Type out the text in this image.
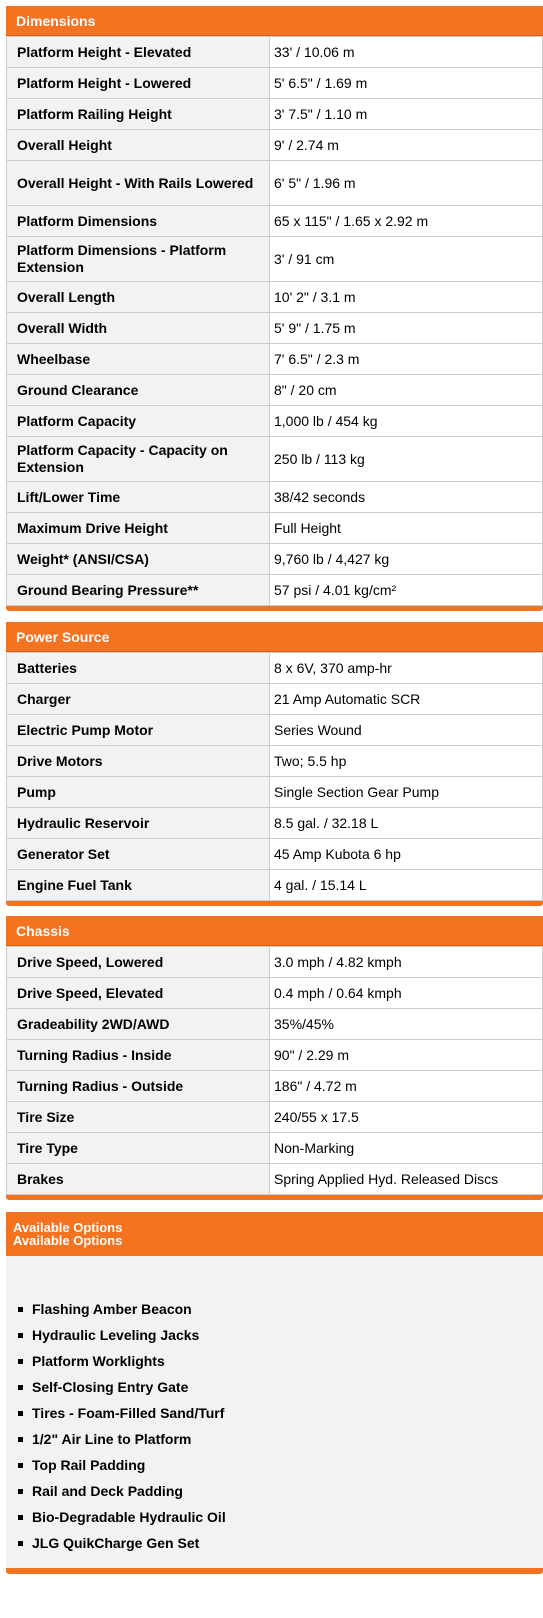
Dimensions
Platform Height - Elevated	33' / 10.06 m
Platform Height - Lowered	5' 6.5" / 1.69 m
Platform Railing Height	3' 7.5" / 1.10 m
Overall Height	9' / 2.74 m
Overall Height - With Rails Lowered	6' 5" / 1.96 m
Platform Dimensions	65 x 115" / 1.65 x 2.92 m
Platform Dimensions - Platform Extension	3' / 91 cm
Overall Length	10' 2" / 3.1 m
Overall Width	5' 9" / 1.75 m
Wheelbase	7' 6.5" / 2.3 m
Ground Clearance	8" / 20 cm
Platform Capacity	1,000 lb / 454 kg
Platform Capacity - Capacity on Extension	250 lb / 113 kg
Lift/Lower Time	38/42 seconds
Maximum Drive Height	Full Height
Weight* (ANSI/CSA)	9,760 lb / 4,427 kg
Ground Bearing Pressure**	57 psi / 4.01 kg/cm²
Power Source
Batteries	8 x 6V, 370 amp-hr
Charger	21 Amp Automatic SCR
Electric Pump Motor	Series Wound
Drive Motors	Two; 5.5 hp
Pump	Single Section Gear Pump
Hydraulic Reservoir	8.5 gal. / 32.18 L
Generator Set	45 Amp Kubota 6 hp
Engine Fuel Tank	4 gal. / 15.14 L
Chassis
Drive Speed, Lowered	3.0 mph / 4.82 kmph
Drive Speed, Elevated	0.4 mph / 0.64 kmph
Gradeability 2WD/AWD	35%/45%
Turning Radius - Inside	90" / 2.29 m
Turning Radius - Outside	186" / 4.72 m
Tire Size	240/55 x 17.5
Tire Type	Non-Marking
Brakes	Spring Applied Hyd. Released Discs
Available Options
Available Options
Flashing Amber Beacon
Hydraulic Leveling Jacks
Platform Worklights
Self-Closing Entry Gate
Tires - Foam-Filled Sand/Turf
1/2" Air Line to Platform
Top Rail Padding
Rail and Deck Padding
Bio-Degradable Hydraulic Oil
JLG QuikCharge Gen Set
